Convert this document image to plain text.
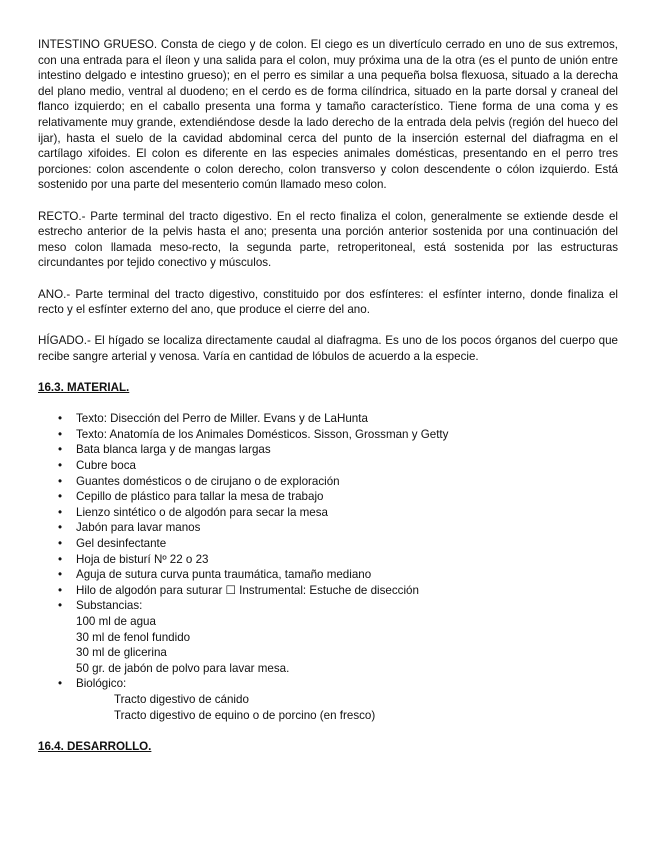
INTESTINO GRUESO. Consta de ciego y de colon. El ciego es un divertículo cerrado en uno de sus extremos, con una entrada para el íleon y una salida para el colon, muy próxima una de la otra (es el punto de unión entre intestino delgado e intestino grueso); en el perro es similar a una pequeña bolsa flexuosa, situado a la derecha del plano medio, ventral al duodeno; en el cerdo es de forma cilíndrica, situado en la parte dorsal y craneal del flanco izquierdo; en el caballo presenta una forma y tamaño característico. Tiene forma de una coma y es relativamente muy grande, extendiéndose desde la lado derecho de la entrada dela pelvis (región del hueco del ijar), hasta el suelo de la cavidad abdominal cerca del punto de la inserción esternal del diafragma en el cartílago xifoides. El colon es diferente en las especies animales domésticas, presentando en el perro tres porciones: colon ascendente o colon derecho, colon transverso y colon descendente o cólon izquierdo. Está sostenido por una parte del mesenterio común llamado meso colon.

RECTO.- Parte terminal del tracto digestivo. En el recto finaliza el colon, generalmente se extiende desde el estrecho anterior de la pelvis hasta el ano; presenta una porción anterior sostenida por una continuación del meso colon llamada meso-recto, la segunda parte, retroperitoneal, está sostenida por las estructuras circundantes por tejido conectivo y músculos.

ANO.- Parte terminal del tracto digestivo, constituido por dos esfínteres: el esfínter interno, donde finaliza el recto y el esfínter externo del ano, que produce el cierre del ano.

HÍGADO.- El hígado se localiza directamente caudal al diafragma. Es uno de los pocos órganos del cuerpo que recibe sangre arterial y venosa. Varía en cantidad de lóbulos de acuerdo a la especie.

16.3. MATERIAL.
• Texto: Disección del Perro de Miller. Evans y de LaHunta
• Texto: Anatomía de los Animales Domésticos. Sisson, Grossman y Getty
• Bata blanca larga y de mangas largas
• Cubre boca
• Guantes domésticos o de cirujano o de exploración
• Cepillo de plástico para tallar la mesa de trabajo
• Lienzo sintético o de algodón para secar la mesa
• Jabón para lavar manos
• Gel desinfectante
• Hoja de bisturí Nº 22 o 23
• Aguja de sutura curva punta traumática, tamaño mediano
• Hilo de algodón para suturar ☐ Instrumental: Estuche de disección
• Substancias:
100 ml de agua
30 ml de fenol fundido
30 ml de glicerina
50 gr. de jabón de polvo para lavar mesa.
• Biológico:
Tracto digestivo de cánido
Tracto digestivo de equino o de porcino (en fresco)
16.4. DESARROLLO.
